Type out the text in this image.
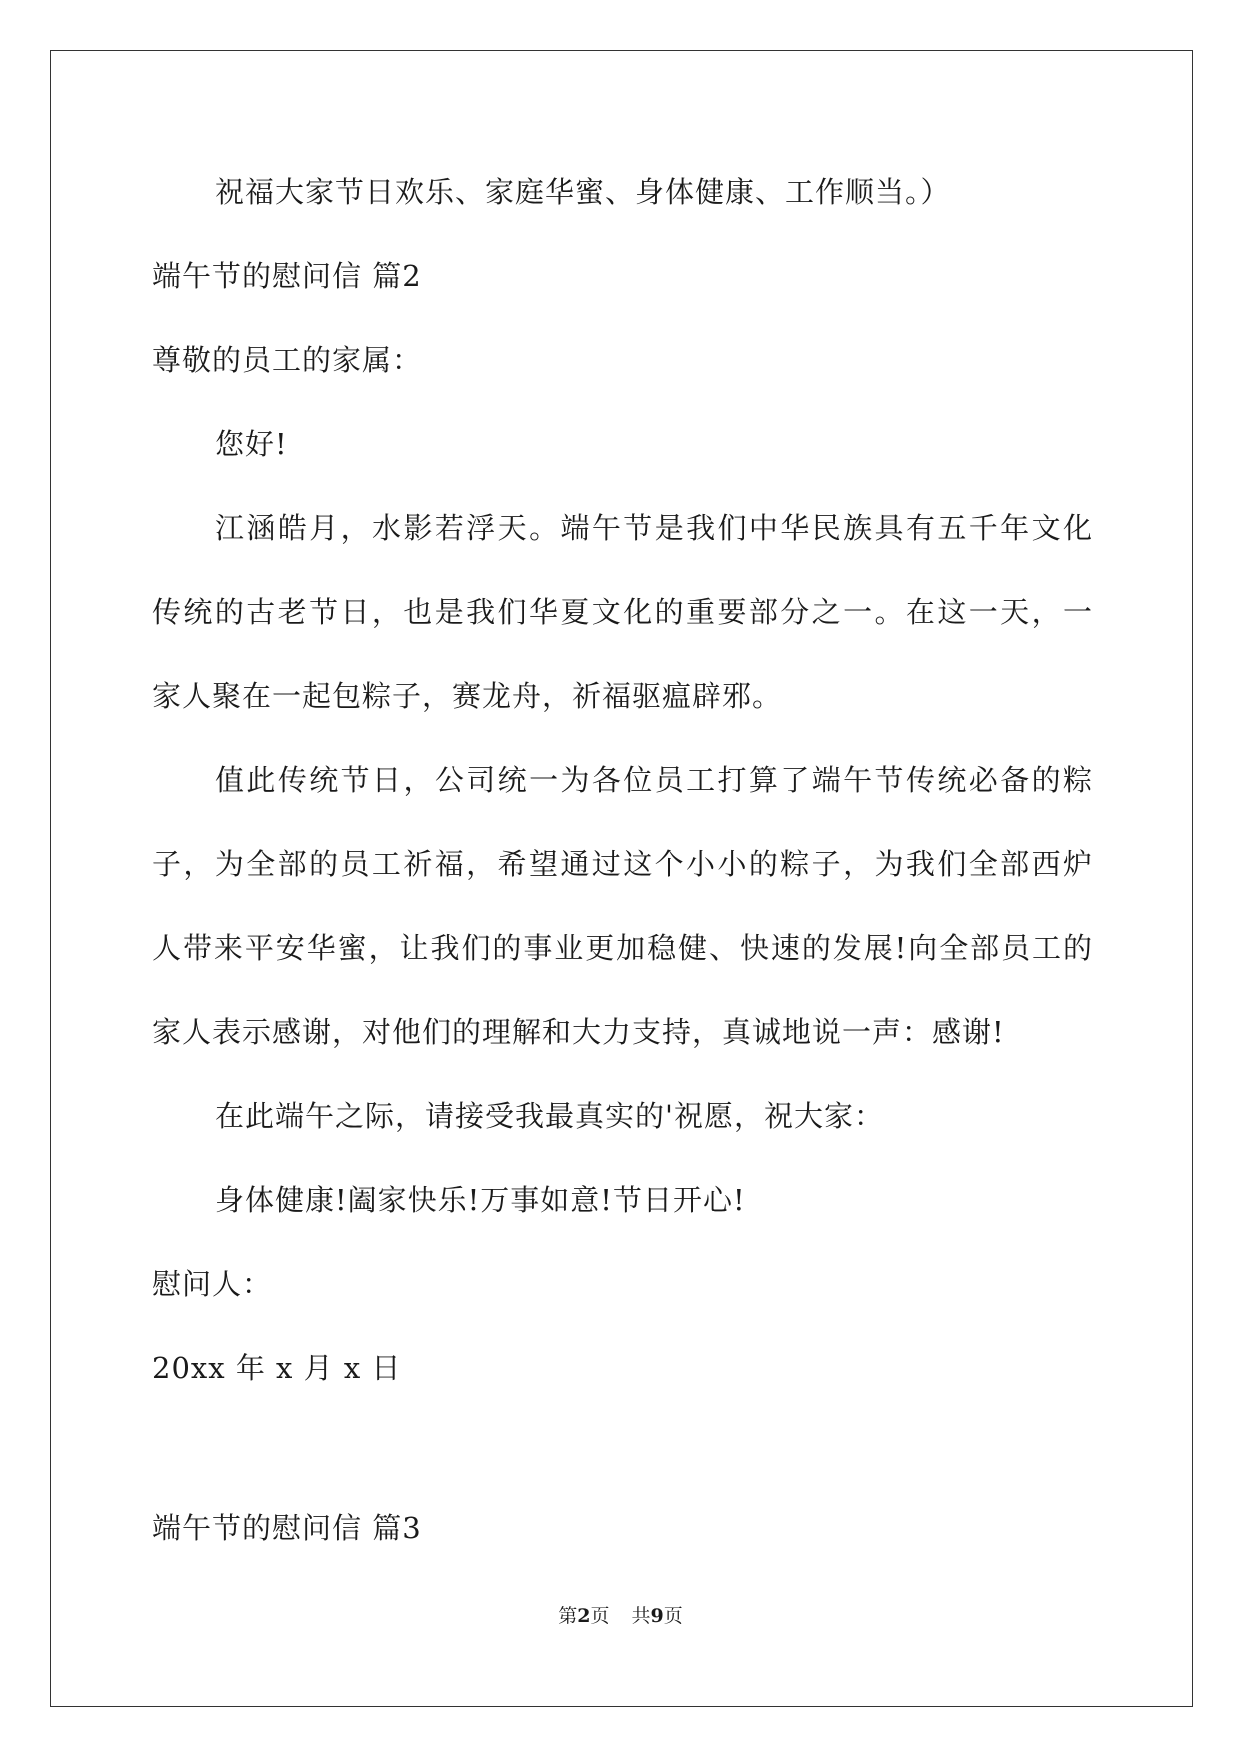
祝福大家节日欢乐、家庭华蜜、身体健康、工作顺当。）
端午节的慰问信 篇2
尊敬的员工的家属：
您好!
江涵皓月，水影若浮天。端午节是我们中华民族具有五千年文化
传统的古老节日，也是我们华夏文化的重要部分之一。在这一天，一
家人聚在一起包粽子，赛龙舟，祈福驱瘟辟邪。
值此传统节日，公司统一为各位员工打算了端午节传统必备的粽
子，为全部的员工祈福，希望通过这个小小的粽子，为我们全部西炉
人带来平安华蜜，让我们的事业更加稳健、快速的发展!向全部员工的
家人表示感谢，对他们的理解和大力支持，真诚地说一声：感谢!
在此端午之际，请接受我最真实的'祝愿，祝大家：
身体健康!阖家快乐!万事如意!节日开心!
慰问人：
20xx 年 x 月 x 日
端午节的慰问信 篇3
第2页 共9页
